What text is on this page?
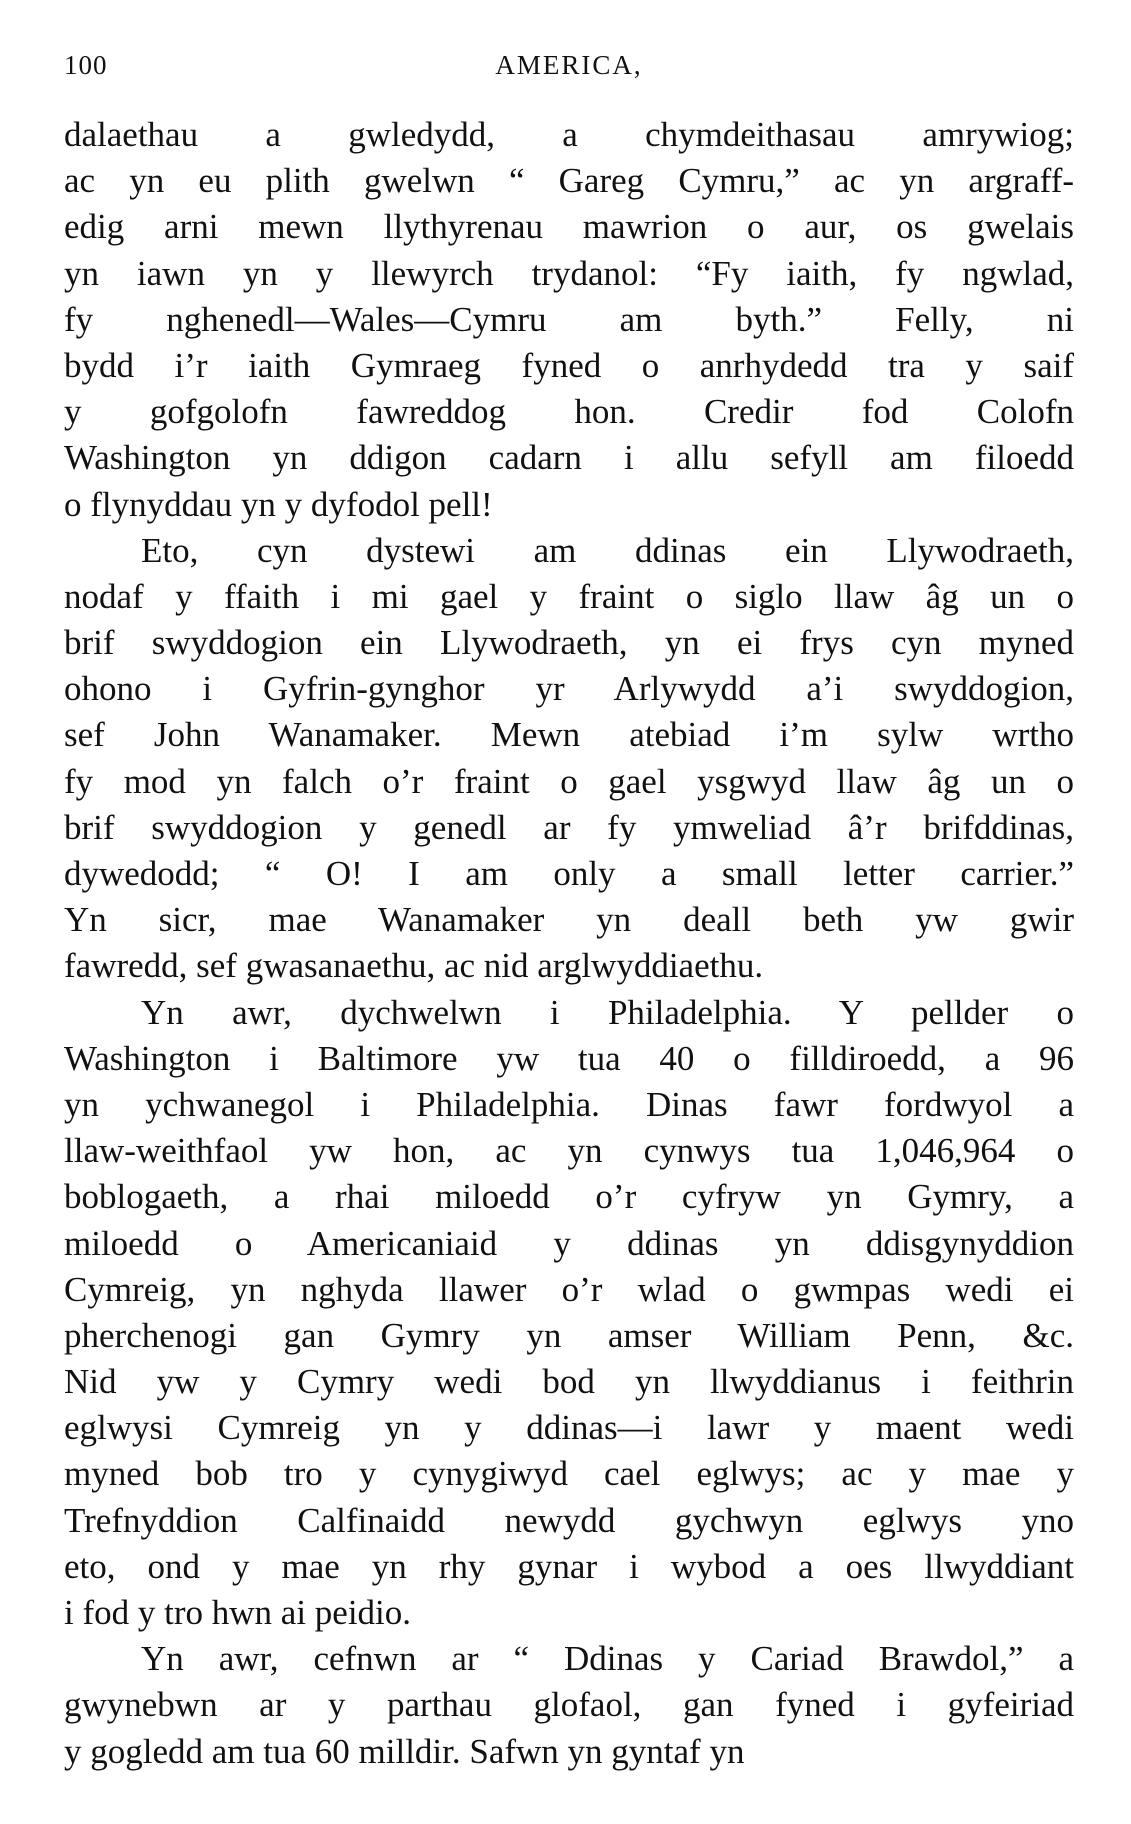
100	AMERICA,
dalaethau a gwledydd, a chymdeithasau amrywiog;
ac yn eu plith gwelwn “ Gareg Cymru,” ac yn argraff-
edig arni mewn llythyrenau mawrion o aur, os gwelais
yn iawn yn y llewyrch trydanol: “Fy iaith, fy ngwlad,
fy nghenedl—Wales—Cymru am byth.” Felly, ni
bydd i’r iaith Gymraeg fyned o anrhydedd tra y saif
y gofgolofn fawreddog hon. Credir fod Colofn
Washington yn ddigon cadarn i allu sefyll am filoedd
o flynyddau yn y dyfodol pell!
Eto, cyn dystewi am ddinas ein Llywodraeth,
nodaf y ffaith i mi gael y fraint o siglo llaw âg un o
brif swyddogion ein Llywodraeth, yn ei frys cyn myned
ohono i Gyfrin-gynghor yr Arlywydd a’i swyddogion,
sef John Wanamaker. Mewn atebiad i’m sylw wrtho
fy mod yn falch o’r fraint o gael ysgwyd llaw âg un o
brif swyddogion y genedl ar fy ymweliad â’r brifddinas,
dywedodd; “ O! I am only a small letter carrier.”
Yn sicr, mae Wanamaker yn deall beth yw gwir
fawredd, sef gwasanaethu, ac nid arglwyddiaethu.
Yn awr, dychwelwn i Philadelphia. Y pellder o
Washington i Baltimore yw tua 40 o filldiroedd, a 96
yn ychwanegol i Philadelphia. Dinas fawr fordwyol a
llaw-weithfaol yw hon, ac yn cynwys tua 1,046,964 o
boblogaeth, a rhai miloedd o’r cyfryw yn Gymry, a
miloedd o Americaniaid y ddinas yn ddisgynyddion
Cymreig, yn nghyda llawer o’r wlad o gwmpas wedi ei
pherchenogi gan Gymry yn amser William Penn, &c.
Nid yw y Cymry wedi bod yn llwyddianus i feithrin
eglwysi Cymreig yn y ddinas—i lawr y maent wedi
myned bob tro y cynygiwyd cael eglwys; ac y mae y
Trefnyddion Calfinaidd newydd gychwyn eglwys yno
eto, ond y mae yn rhy gynar i wybod a oes llwyddiant
i fod y tro hwn ai peidio.
Yn awr, cefnwn ar “ Ddinas y Cariad Brawdol,” a
gwynebwn ar y parthau glofaol, gan fyned i gyfeiriad
y gogledd am tua 60 milldir. Safwn yn gyntaf yn
